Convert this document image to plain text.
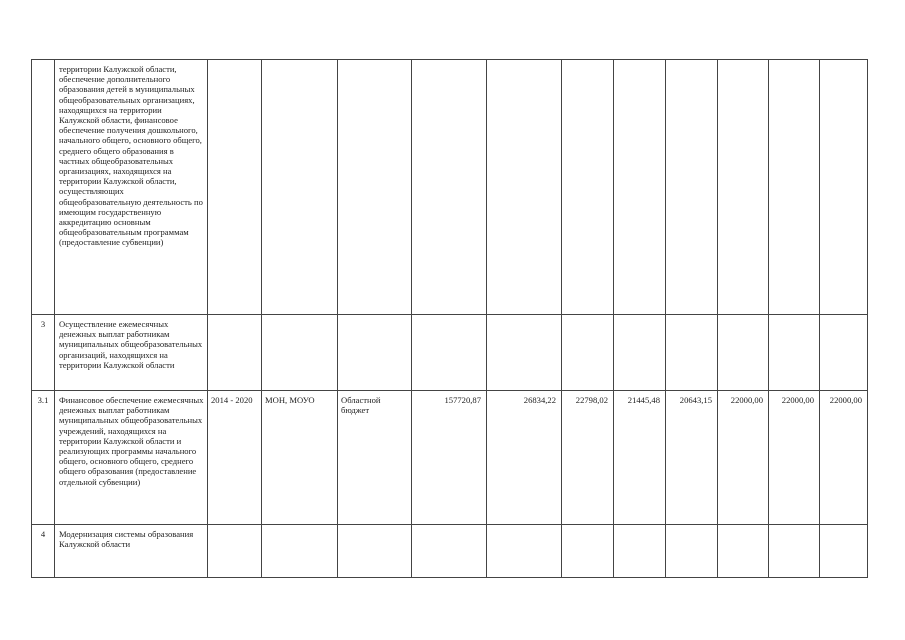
	территории Калужской области, обеспечение дополнительного образования детей в муниципальных общеобразовательных организациях, находящихся на территории Калужской области, финансовое обеспечение получения дошкольного, начального общего, основного общего, среднего общего образования в частных общеобразовательных организациях, находящихся на территории Калужской области, осуществляющих общеобразовательную деятельность по имеющим государственную аккредитацию основным общеобразовательным программам (предоставление субвенции)											
3	Осуществление ежемесячных денежных выплат работникам муниципальных общеобразовательных организаций, находящихся на территории Калужской области											
3.1	Финансовое обеспечение ежемесячных денежных выплат работникам муниципальных общеобразовательных учреждений, находящихся на территории Калужской области и реализующих программы начального общего, основного общего, среднего общего образования (предоставление отдельной субвенции)	2014 - 2020	МОН, МОУО	Областной бюджет	157720,87	26834,22	22798,02	21445,48	20643,15	22000,00	22000,00	22000,00
4	Модернизация системы образования Калужской области											
